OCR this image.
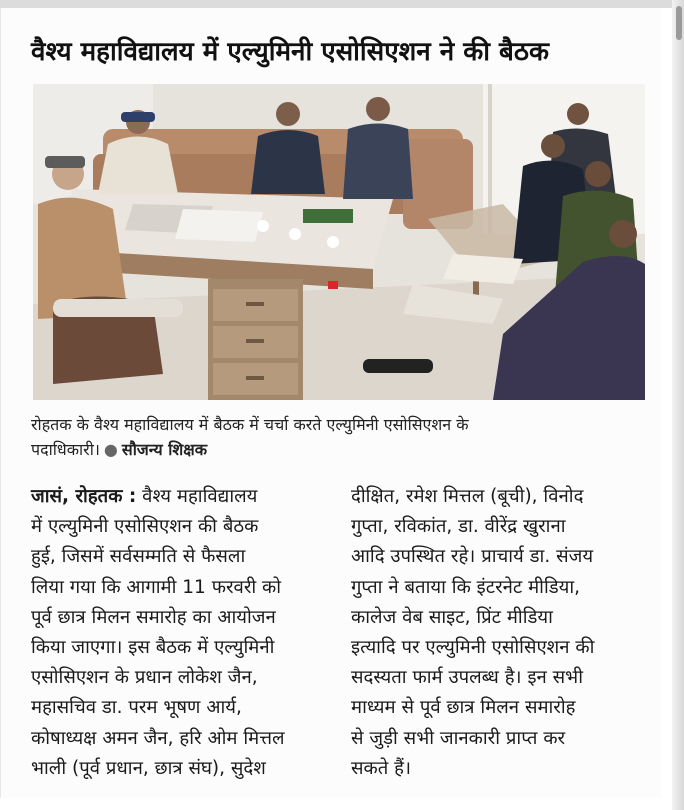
वैश्य महाविद्यालय में एल्युमिनी एसोसिएशन ने की बैठक
रोहतक के वैश्य महाविद्यालय में बैठक में चर्चा करते एल्युमिनी एसोसिएशन के
पदाधिकारी। ● सौजन्य शिक्षक
जासं, रोहतक : वैश्य महाविद्यालय
में एल्युमिनी एसोसिएशन की बैठक
हुई, जिसमें सर्वसम्मति से फैसला
लिया गया कि आगामी 11 फरवरी को
पूर्व छात्र मिलन समारोह का आयोजन
किया जाएगा। इस बैठक में एल्युमिनी
एसोसिएशन के प्रधान लोकेश जैन,
महासचिव डा. परम भूषण आर्य,
कोषाध्यक्ष अमन जैन, हरि ओम मित्तल
भाली (पूर्व प्रधान, छात्र संघ), सुदेश
दीक्षित, रमेश मित्तल (बूची), विनोद
गुप्ता, रविकांत, डा. वीरेंद्र खुराना
आदि उपस्थित रहे। प्राचार्य डा. संजय
गुप्ता ने बताया कि इंटरनेट मीडिया,
कालेज वेब साइट, प्रिंट मीडिया
इत्यादि पर एल्युमिनी एसोसिएशन की
सदस्यता फार्म उपलब्ध है। इन सभी
माध्यम से पूर्व छात्र मिलन समारोह
से जुड़ी सभी जानकारी प्राप्त कर
सकते हैं।
